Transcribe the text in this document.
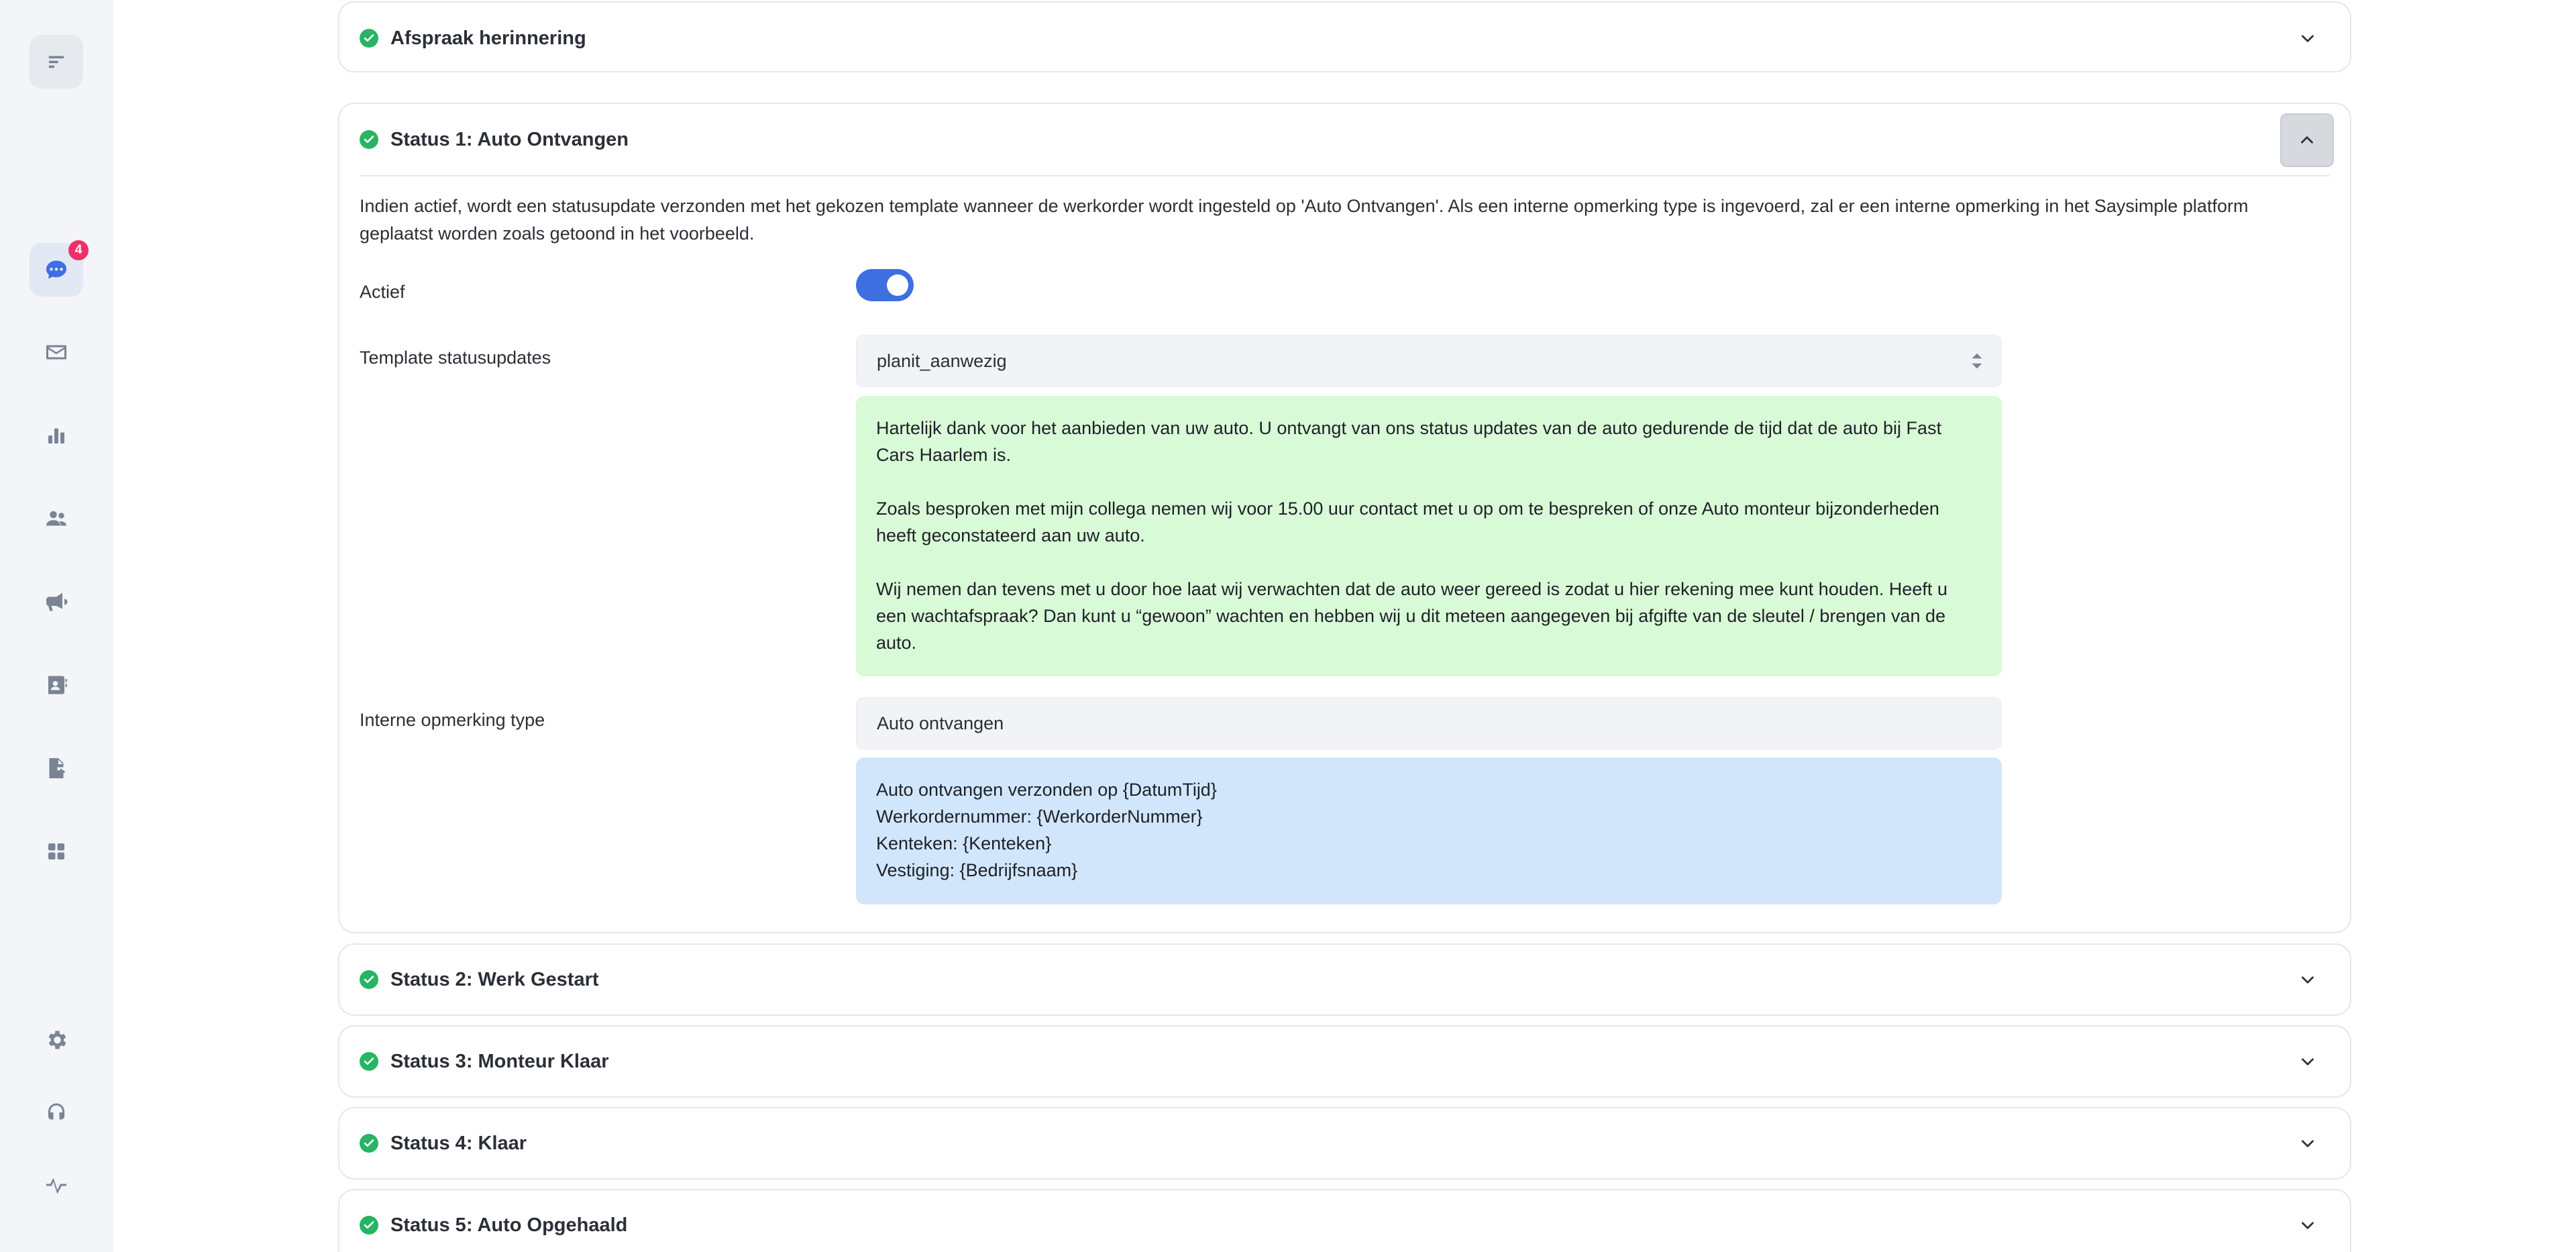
4
Afspraak herinnering
Status 1: Auto Ontvangen
Indien actief, wordt een statusupdate verzonden met het gekozen template wanneer de werkorder wordt ingesteld op 'Auto Ontvangen'. Als een interne opmerking type is ingevoerd, zal er een interne opmerking in het Saysimple platform geplaatst worden zoals getoond in het voorbeeld.
Actief
Template statusupdates	planit_aanwezig

Hartelijk dank voor het aanbieden van uw auto. U ontvangt van ons status updates van de auto gedurende de tijd dat de auto bij Fast Cars Haarlem is.

Zoals besproken met mijn collega nemen wij voor 15.00 uur contact met u op om te bespreken of onze Auto monteur bijzonderheden heeft geconstateerd aan uw auto.

Wij nemen dan tevens met u door hoe laat wij verwachten dat de auto weer gereed is zodat u hier rekening mee kunt houden. Heeft u een wachtafspraak? Dan kunt u “gewoon” wachten en hebben wij u dit meteen aangegeven bij afgifte van de sleutel / brengen van de auto.

Interne opmerking type	Auto ontvangen
Auto ontvangen verzonden op {DatumTijd}
Werkordernummer: {WerkorderNummer}
Kenteken: {Kenteken}
Vestiging: {Bedrijfsnaam}
Status 2: Werk Gestart
Status 3: Monteur Klaar
Status 4: Klaar
Status 5: Auto Opgehaald
